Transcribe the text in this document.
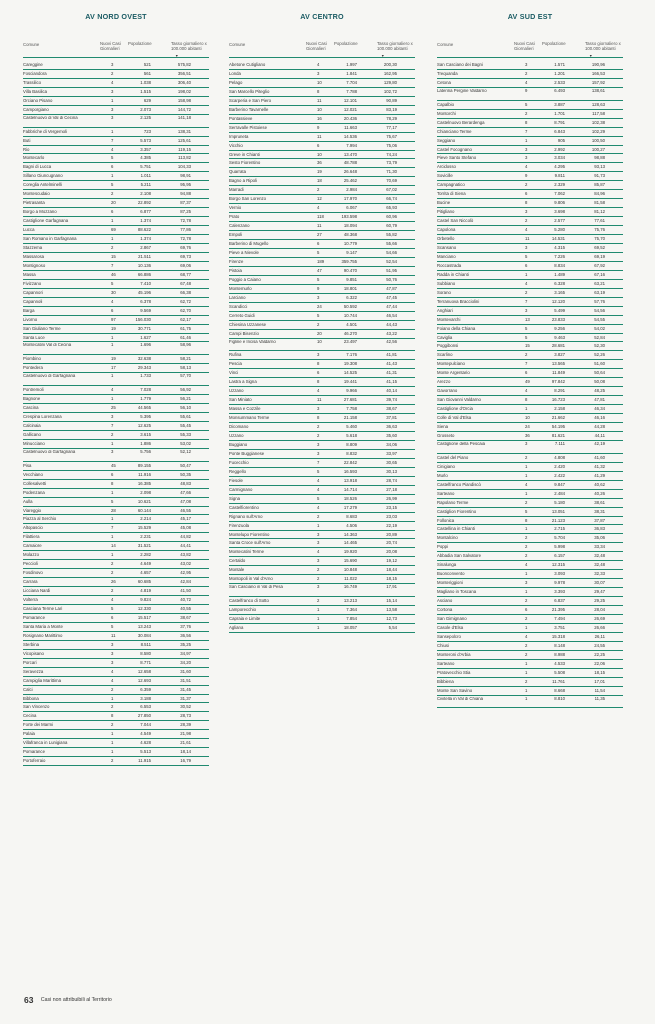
AV NORD OVEST
Comune	Nuovi Casi Giornalieri
Popolazione	Tasso giornaliero x 100.000 abitanti
▼
Careggine	3	521	575,82
Fosciandora	2	561	356,51
Trassilico	4	1.038	306,40
Villa Basilica	3	1.515	198,02
Orciano Pisano	1	629	158,98
Camporgiano	3	2.073	144,72
Castelnuovo di Val di Cecina	3	2.125	141,18
Fabbriche di Vergemoli	1	723	138,31
Buti	7	5.573	125,61
Rio	4	3.357	119,15
Montecarlo	5	4.385	113,82
Bagni di Lucca	6	5.751	104,33
Sillano Giuncugnano	1	1.011	98,91
Coreglia Antelminelli	5	5.211	95,95
Montescudaio	2	2.108	94,88
Pietrasanta	20	22.892	87,37
Borgo a Mozzano	6	6.877	87,25
Castiglione Garfagnana	1	1.374	72,78
Lucca	69	88.622	77,86
San Romano in Garfagnana	1	1.374	72,78
Stazzema	2	2.867	69,76
Massarosa	15	21.511	69,73
Montignoso	7	10.136	69,06
Massa	46	66.886	68,77
Fivizzano	5	7.410	67,48
Capannori	30	45.196	66,38
Capannoli	4	6.378	62,72
Barga	6	9.569	62,70
Livorno	97	156.030	62,17
San Giuliano Terme	19	30.771	61,75
Santa Luce	1	1.627	61,46
Montecatini Val di Cecina	1	1.696	58,96
Piombino	19	32.638	58,21
Pontedera	17	29.343	58,13
Castelnuovo di Garfagnana	1	1.733	57,70
Pontremoli	4	7.028	56,92
Bagnone	1	1.779	56,21
Cascina	25	44.565	56,10
Crespina Lorenzana	3	5.395	55,61
Calcinaia	7	12.625	55,45
Gallicano	2	3.615	55,33
Minucciano	1	1.886	53,02
Castelnuovo di Garfagnana	3	5.756	52,12
Pisa	45	89.155	50,47
Vecchiano	6	11.916	50,35
Collesalvetti	8	16.385	48,83
Podenzana	1	2.098	47,66
Aulla	5	10.621	47,08
Viareggio	28	60.144	46,55
Piazza al Serchio	1	2.214	45,17
Altopascio	7	15.529	45,08
Filattiera	1	2.231	44,82
Camaiore	14	31.521	44,41
Molazzo	1	2.282	43,82
Peccioli	2	4.649	43,02
Fosdinovo	2	4.657	42,95
Carrara	26	60.685	42,84
Licciana Nardi	2	4.819	41,50
Volterra	4	9.824	40,72
Casciana Terme Lari	5	12.330	40,55
Pomarance	6	15.517	38,67
Santa Maria a Monte	5	13.243	37,76
Rosignano Marittimo	11	30.084	36,56
Sterbina	3	8.511	35,25
Vicopisano	3	8.580	34,97
Porcari	3	8.771	34,20
Seravezza	4	12.658	31,60
Campiglia Marittima	4	12.693	31,51
Calci	2	6.359	31,45
Bibbona	1	3.188	31,37
San Vincenzo	2	6.553	30,52
Cecina	8	27.850	28,73
Forte dei Marmi	2	7.044	28,39
Palaia	1	4.549	21,98
Villafranca in Lunigiana	1	4.628	21,61
Pomarance	1	5.513	18,14
Portoferraio	2	11.915	16,79
AV CENTRO
Comune	Nuovi Casi Giornalieri
Popolazione	Tasso giornaliero x 100.000 abitanti
▼
Abetone Cutigliano	4	1.997	200,30
Londa	3	1.841	162,95
Pelago	10	7.704	129,80
San Marcello Piteglio	8	7.788	102,72
Scarperia e San Piero	11	12.101	90,89
Barberino Tavarnelle	10	12.021	83,19
Pontassieve	16	20.436	78,29
Serravalle Pistoiese	9	11.663	77,17
Impruneta	11	14.536	75,67
Vicchio	6	7.994	75,06
Greve in Chianti	10	13.470	74,24
Sesto Fiorentino	36	48.788	73,79
Quarrata	19	26.648	71,30
Bagno a Ripoli	18	25.462	70,69
Marradi	2	2.984	67,02
Borgo San Lorenzo	12	17.970	66,74
Vernio	4	6.067	65,93
Prato	118	193.598	60,96
Calenzano	11	18.094	60,79
Empoli	27	48.368	55,82
Barberino di Mugello	6	10.779	55,66
Pieve a Nievole	5	9.147	54,66
Firenze	189	359.755	52,54
Pistoia	47	90.470	51,95
Poggio a Caiano	5	9.851	50,76
Montemurlo	9	18.801	47,87
Larciano	3	6.322	47,45
Scandicci	24	50.592	47,44
Cerreto Guidi	5	10.744	46,54
Chiesina Uzzanese	2	4.501	44,43
Campi Bisenzio	20	46.270	43,22
Figline e Incisa Valdarno	10	23.497	42,56
Rufina	3	7.176	41,81
Pescia	8	19.308	41,43
Vinci	6	14.525	41,31
Lastra a Signa	8	19.441	41,15
Uzzano	4	9.966	40,14
San Miniato	11	27.681	39,74
Massa e Cozzile	3	7.758	38,67
Monsummano Terme	8	21.158	37,81
Dicomano	2	5.460	36,63
Uzzano	2	5.618	35,60
Buggiano	3	8.809	34,06
Ponte Buggianese	3	8.832	33,97
Fucecchio	7	22.842	30,65
Reggello	5	16.593	30,13
Fiesole	4	13.918	28,74
Carmignano	4	14.714	27,18
Signa	5	18.526	26,99
Castelfiorentino	4	17.279	23,15
Rignano sull'Arno	2	8.683	23,03
Firenzuola	1	4.506	22,19
Montelupo Fiorentino	3	14.363	20,89
Santa Croce sull'Arno	3	14.465	20,74
Montecatini Terme	4	19.920	20,08
Certaldo	3	15.690	19,12
Montale	2	10.848	18,44
Montopoli in Val d'Arno	2	11.022	18,15
San Casciano in Val di Pesa	3	16.749	17,91
Castelfranco di Sotto	2	13.213	15,14
Lamporecchio	1	7.364	13,58
Capraia e Limite	1	7.854	12,73
Agliana	1	18.057	5,54
AV SUD EST
Comune	Nuovi Casi Giornalieri
Popolazione	Tasso giornaliero x 100.000 abitanti
▼
San Casciano dei Bagni	3	1.571	190,96
Trequanda	2	1.201	166,53
Cetona	4	2.533	157,92
Laterina Pergine Valdarno	9	6.493	138,61
Capalbio	5	3.887	128,63
Montorchi	2	1.701	117,58
Castelnuovo Berardenga	8	8.791	102,38
Chianciano Terme	7	6.843	102,29
Seggiano	1	905	100,50
Castel Focognano	3	2.992	100,27
Pieve Santo Stefano	3	3.034	98,88
Arcidosso	4	4.295	93,13
Sovicille	9	9.811	91,73
Campagnatico	2	2.329	85,87
Torrita di Siena	6	7.062	84,96
Bucine	8	9.806	81,58
Pitigliano	3	3.698	81,12
Castel San Niccolò	2	2.577	77,61
Capolona	4	5.280	75,76
Orbetello	11	14.531	75,70
Scansano	3	4.315	69,52
Manciano	5	7.226	69,19
Roccastrada	6	8.834	67,92
Radda in Chianti	1	1.489	67,16
Subbiano	4	6.328	63,21
Sorano	2	3.165	63,19
Terranuova Bracciolini	7	12.120	57,76
Anghiari	3	5.499	54,56
Montevarchi	13	23.833	54,55
Foiano della Chiana	5	9.256	54,02
Caviglia	5	9.463	52,84
Poggibonsi	15	28.681	52,30
Scarlino	2	3.827	52,26
Montepulciano	7	13.565	51,60
Monte Argentario	6	11.849	50,64
Arezzo	49	97.842	50,08
Gavorrano	4	8.291	48,25
San Giovanni Valdarno	8	16.723	47,81
Castiglione d'Orcia	1	2.158	46,34
Colle di Val d'Elsa	10	21.662	46,16
Siena	24	54.195	44,28
Grosseto	36	81.621	44,11
Castiglione della Pescaia	3	7.111	42,19
Castel del Piano	2	4.808	41,60
Cinigiano	1	2.420	41,32
Murlo	1	2.422	41,29
Castelfranco Piandiscò	4	9.847	40,62
Sarteano	1	2.484	40,26
Rapolano Terme	2	5.180	38,61
Castiglion Fiorentino	5	13.051	38,31
Follonica	8	21.123	37,87
Castellina in Chianti	1	2.715	36,83
Montalcino	2	5.704	35,06
Poppi	2	5.998	33,34
Abbadia San Salvatore	2	6.157	32,48
Sinalunga	4	12.315	32,48
Buonconvento	1	3.093	32,33
Monteriggioni	3	9.978	30,07
Magliano in Toscana	1	3.393	29,47
Asciano	2	6.837	29,25
Cortona	6	21.395	28,04
San Gimignano	2	7.494	26,69
Casole d'Elsa	1	3.751	26,66
Sansepolcro	4	15.318	26,11
Chiusi	2	8.148	24,55
Monteroni d'Arbia	2	8.988	22,25
Sarteano	1	4.533	22,06
Pratovecchio Stia	1	5.508	18,15
Bibbiena	2	11.761	17,01
Monte San Savino	1	8.668	11,54
Civitella in Val di Chiana	1	8.810	11,35
63 Casi non attribuibili al Territorio
